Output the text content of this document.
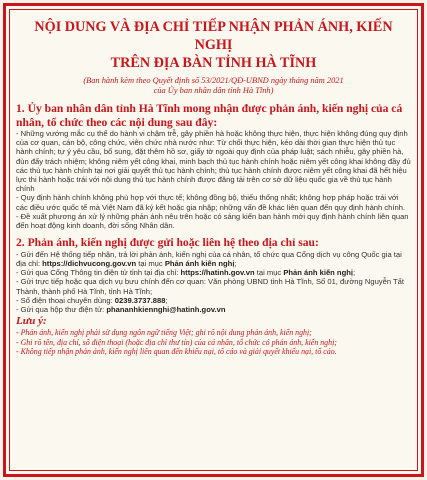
NỘI DUNG VÀ ĐỊA CHỈ TIẾP NHẬN PHẢN ÁNH, KIẾN NGHỊ
TRÊN ĐỊA BÀN TỈNH HÀ TĨNH
(Ban hành kèm theo Quyết định số 53/2021/QĐ-UBND ngày tháng năm 2021
của Ủy ban nhân dân tỉnh Hà Tĩnh)
1. Ủy ban nhân dân tỉnh Hà Tĩnh mong nhận được phản ánh, kiến nghị của cá nhân, tổ chức theo các nội dung sau đây:

- Những vướng mắc cụ thể do hành vi chậm trễ, gây phiền hà hoặc không thực hiện, thực hiện không đúng quy định của cơ quan, cán bộ, công chức, viên chức nhà nước như: Từ chối thực hiện, kéo dài thời gian thực hiện thủ tục hành chính; tự ý yêu cầu, bổ sung, đặt thêm hồ sơ, giấy tờ ngoài quy định của pháp luật; sách nhiễu, gây phiền hà, đùn đẩy trách nhiệm; không niêm yết công khai, minh bạch thủ tục hành chính hoặc niêm yết công khai không đầy đủ các thủ tục hành chính tại nơi giải quyết thủ tục hành chính; thủ tục hành chính được niêm yết công khai đã hết hiệu lực thi hành hoặc trái với nội dung thủ tục hành chính được đăng tải trên cơ sở dữ liệu quốc gia về thủ tục hành chính

- Quy định hành chính không phù hợp với thực tế; không đồng bộ, thiếu thống nhất; không hợp pháp hoặc trái với các điều ước quốc tế mà Việt Nam đã ký kết hoặc gia nhập; những vấn đề khác liên quan đến quy định hành chính.

- Đề xuất phương án xử lý những phản ánh nêu trên hoặc có sáng kiến ban hành mới quy định hành chính liên quan đến hoạt động kinh doanh, đời sống Nhân dân.

2. Phản ánh, kiến nghị được gửi hoặc liên hệ theo địa chỉ sau:

- Gửi đến Hệ thống tiếp nhận, trả lời phản ánh, kiến nghị của cá nhân, tổ chức qua Cổng dịch vụ công Quốc gia tại địa chỉ: https://dichvucong.gov.vn tại mục Phản ánh kiến nghị;

- Gửi qua Cổng Thông tin điện tử tỉnh tại địa chỉ: https://hatinh.gov.vn tại mục Phản ánh kiến nghị;

- Gửi trực tiếp hoặc qua dịch vụ bưu chính đến cơ quan: Văn phòng UBND tỉnh Hà Tĩnh, Số 01, đường Nguyễn Tất Thành, thành phố Hà Tĩnh, tỉnh Hà Tĩnh;

- Số điện thoại chuyên dùng: 0239.3737.888;

- Gửi qua hộp thư điện tử: phananhkiennghi@hatinh.gov.vn

Lưu ý:

- Phản ánh, kiến nghị phải sử dụng ngôn ngữ tiếng Việt; ghi rõ nội dung phản ánh, kiến nghị;

- Ghi rõ tên, địa chỉ, số điện thoại (hoặc địa chỉ thư tín) của cá nhân, tổ chức có phản ánh, kiến nghị;

- Không tiếp nhận phản ánh, kiến nghị liên quan đến khiếu nại, tố cáo và giải quyết khiếu nại, tố cáo.
